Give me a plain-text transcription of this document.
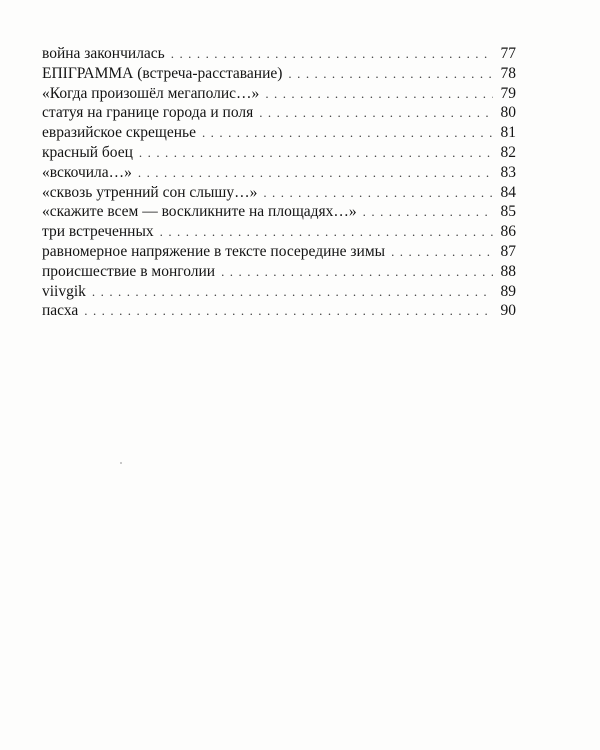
война закончилась . . .	77
ЕПIГРАММА (встреча-расставание) . . .	78
«Когда произошёл мегаполис…» . . .	79
статуя на границе города и поля . . .	80
евразийское скрещенье . . .	81
красный боец . . .	82
«вскочила…» . . .	83
«сквозь утренний сон слышу…» . . .	84
«скажите всем — воскликните на площадях…» . . .	85
три встреченных . . .	86
равномерное напряжение в тексте посередине зимы . . .	87
происшествие в монголии . . .	88
viivgik . . .	89
пасха . . .	90
